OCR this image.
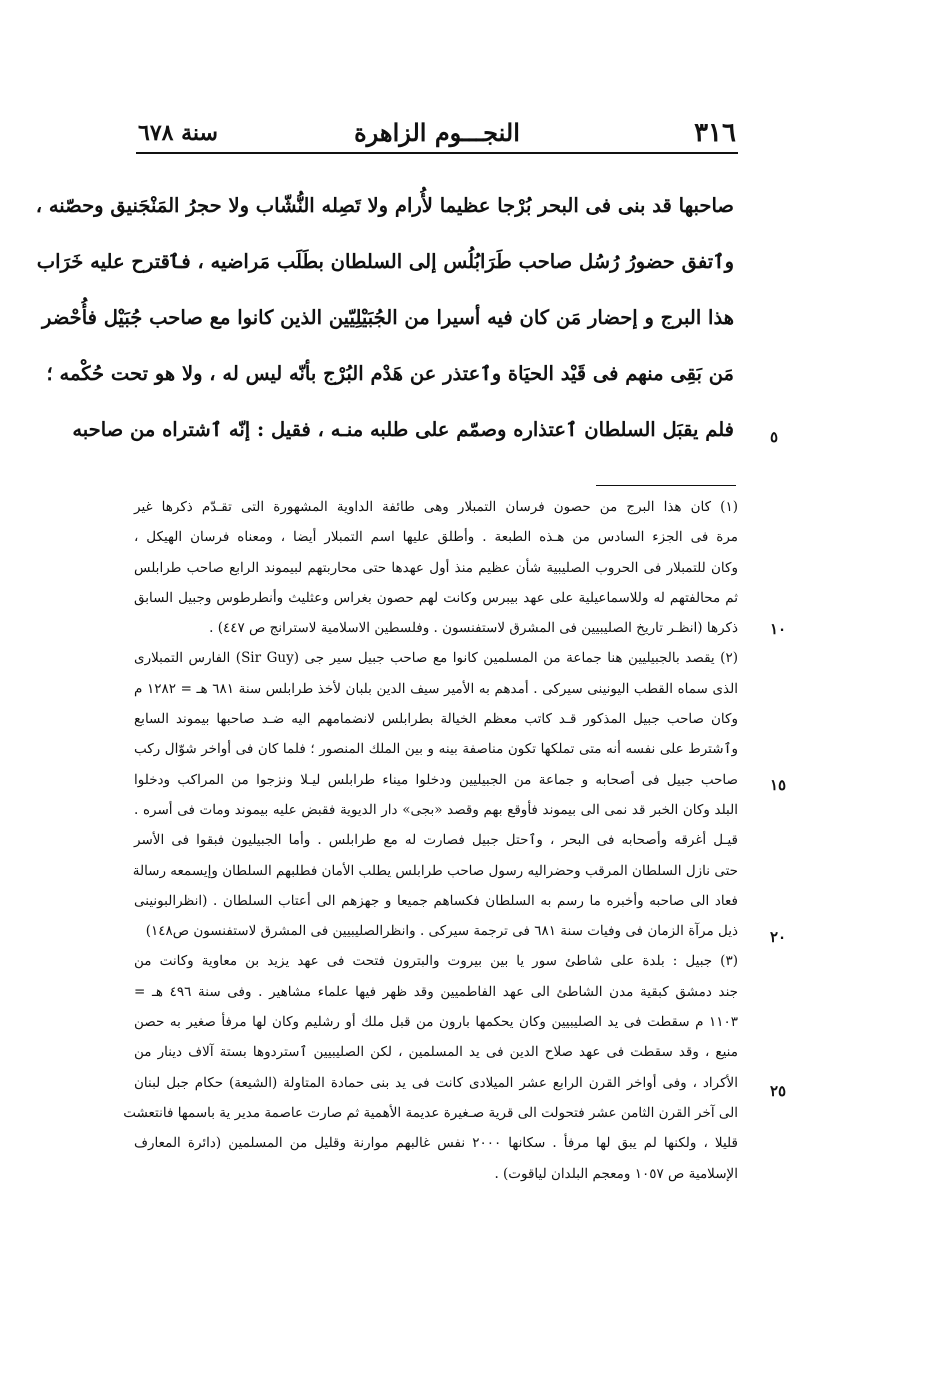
٣١٦
النجـــوم الزاهرة
سنة ٦٧٨
صاحبها قد بنى فى البحر بُرْجا عظيما لأُرام ولا تَصِله النُّشّاب ولا حجرُ المَنْجَنيق وحصّنه ،
وٱتفق حضورُ رُسُل صاحب طَرَابُلُس إلى السلطان بطَلَب مَراضيه ، فٱقترح عليه خَرَاب
هذا البرج و إحضار مَن كان فيه أسيرا من الجُبَيْلِيّين الذين كانوا مع صاحب جُبَيْل فأُحْضر
مَن بَقِى منهم فى قَيْد الحيَاة وٱعتذر عن هَدْم البُرْج بأنّه ليس له ، ولا هو تحت حُكْمه ؛
فلم يقبَل السلطان ٱعتذاره وصمّم على طلبه منـه ، فقيل : إنّه ٱشتراه من صاحبه
(١) كان هذا البرج من حصون فرسان التمبلار وهى طائفة الداوية المشهورة التى تقـدّم ذكرها غير
مرة فى الجزء السادس من هـذه الطبعة . وأطلق عليها اسم التمبلار أيضا ، ومعناه فرسان الهيكل ،
وكان للتمبلار فى الحروب الصليبية شأن عظيم منذ أول عهدها حتى محاربتهم لبيموند الرابع صاحب طرابلس
ثم محالفتهم له وللاسماعيلية على عهد بيبرس وكانت لهم حصون بغراس وعثليث وأنطرطوس وجبيل السابق
ذكرها (انظـر تاريخ الصليبيين فى المشرق لاستفنسون . وفلسطين الاسلامية لاسترانج ص ٤٤٧) .
(٢) يقصد بالجبيليين هنا جماعة من المسلمين كانوا مع صاحب جبيل سير جى (Sir Guy) الفارس التمبلارى
الذى سماه القطب اليونينى سيركى . أمدهم به الأمير سيف الدين بلبان لأخذ طرابلس سنة ٦٨١ هـ = ١٢٨٢ م
وكان صاحب جبيل المذكور قـد كاتب معظم الخيالة بطرابلس لانضمامهم اليه ضـد صاحبها بيموند السابع
وٱشترط على نفسه أنه متى تملكها تكون مناصفة بينه و بين الملك المنصور ؛ فلما كان فى أواخر شوّال ركب
صاحب جبيل فى أصحابه و جماعة من الجبيليين ودخلوا ميناء طرابلس ليـلا ونزجوا من المراكب ودخلوا
البلد وكان الخبر قد نمى الى بيموند فأوقع بهم وقصد «بجى» دار الديوية فقبض عليه بيموند ومات فى أسره .
قيـل أغرقه وأصحابه فى البحر ، وٱحتل جبيل فصارت له مع طرابلس . وأما الجبيليون فبقوا فى الأسر
حتى نازل السلطان المرقب وحضراليه رسول صاحب طرابلس يطلب الأمان فطلبهم السلطان وإيسمعه رسالة
فعاد الى صاحبه وأخبره ما رسم به السلطان فكساهم جميعا و جهزهم الى أعتاب السلطان . (انظرالبونينى
ذيل مرآة الزمان فى وفيات سنة ٦٨١ فى ترجمة سيركى . وانظرالصليبيين فى المشرق لاستفنسون ص١٤٨)
(٣) جبيل : بلدة على شاطئ سور يا بين بيروت والبترون فتحت فى عهد يزيد بن معاوية وكانت من
جند دمشق كبقية مدن الشاطئ الى عهد الفاطميين وقد ظهر فيها علماء مشاهير . وفى سنة ٤٩٦ هـ =
١١٠٣ م سقطت فى يد الصليبيين وكان يحكمها بارون من قبل ملك أو رشليم وكان لها مرفأ صغير به حصن
منيع ، وقد سقطت فى عهد صلاح الدين فى يد المسلمين ، لكن الصليبيين ٱستردوها بستة آلاف دينار من
الأكراد ، وفى أواخر القرن الرابع عشر الميلادى كانت فى يد بنى حمادة المتاولة (الشيعة) حكام جبل لبنان
الى آخر القرن الثامن عشر فتحولت الى قرية صـغيرة عديمة الأهمية ثم صارت عاصمة مدير ية باسمها فانتعشت
قليلا ، ولكنها لم يبق لها مرفأ . سكانها ٢٠٠٠ نفس غالبهم موارنة وقليل من المسلمين (دائرة المعارف
الإسلامية ص ١٠٥٧ ومعجم البلدان لياقوت) .
٥
١٠
١٥
٢٠
٢٥
